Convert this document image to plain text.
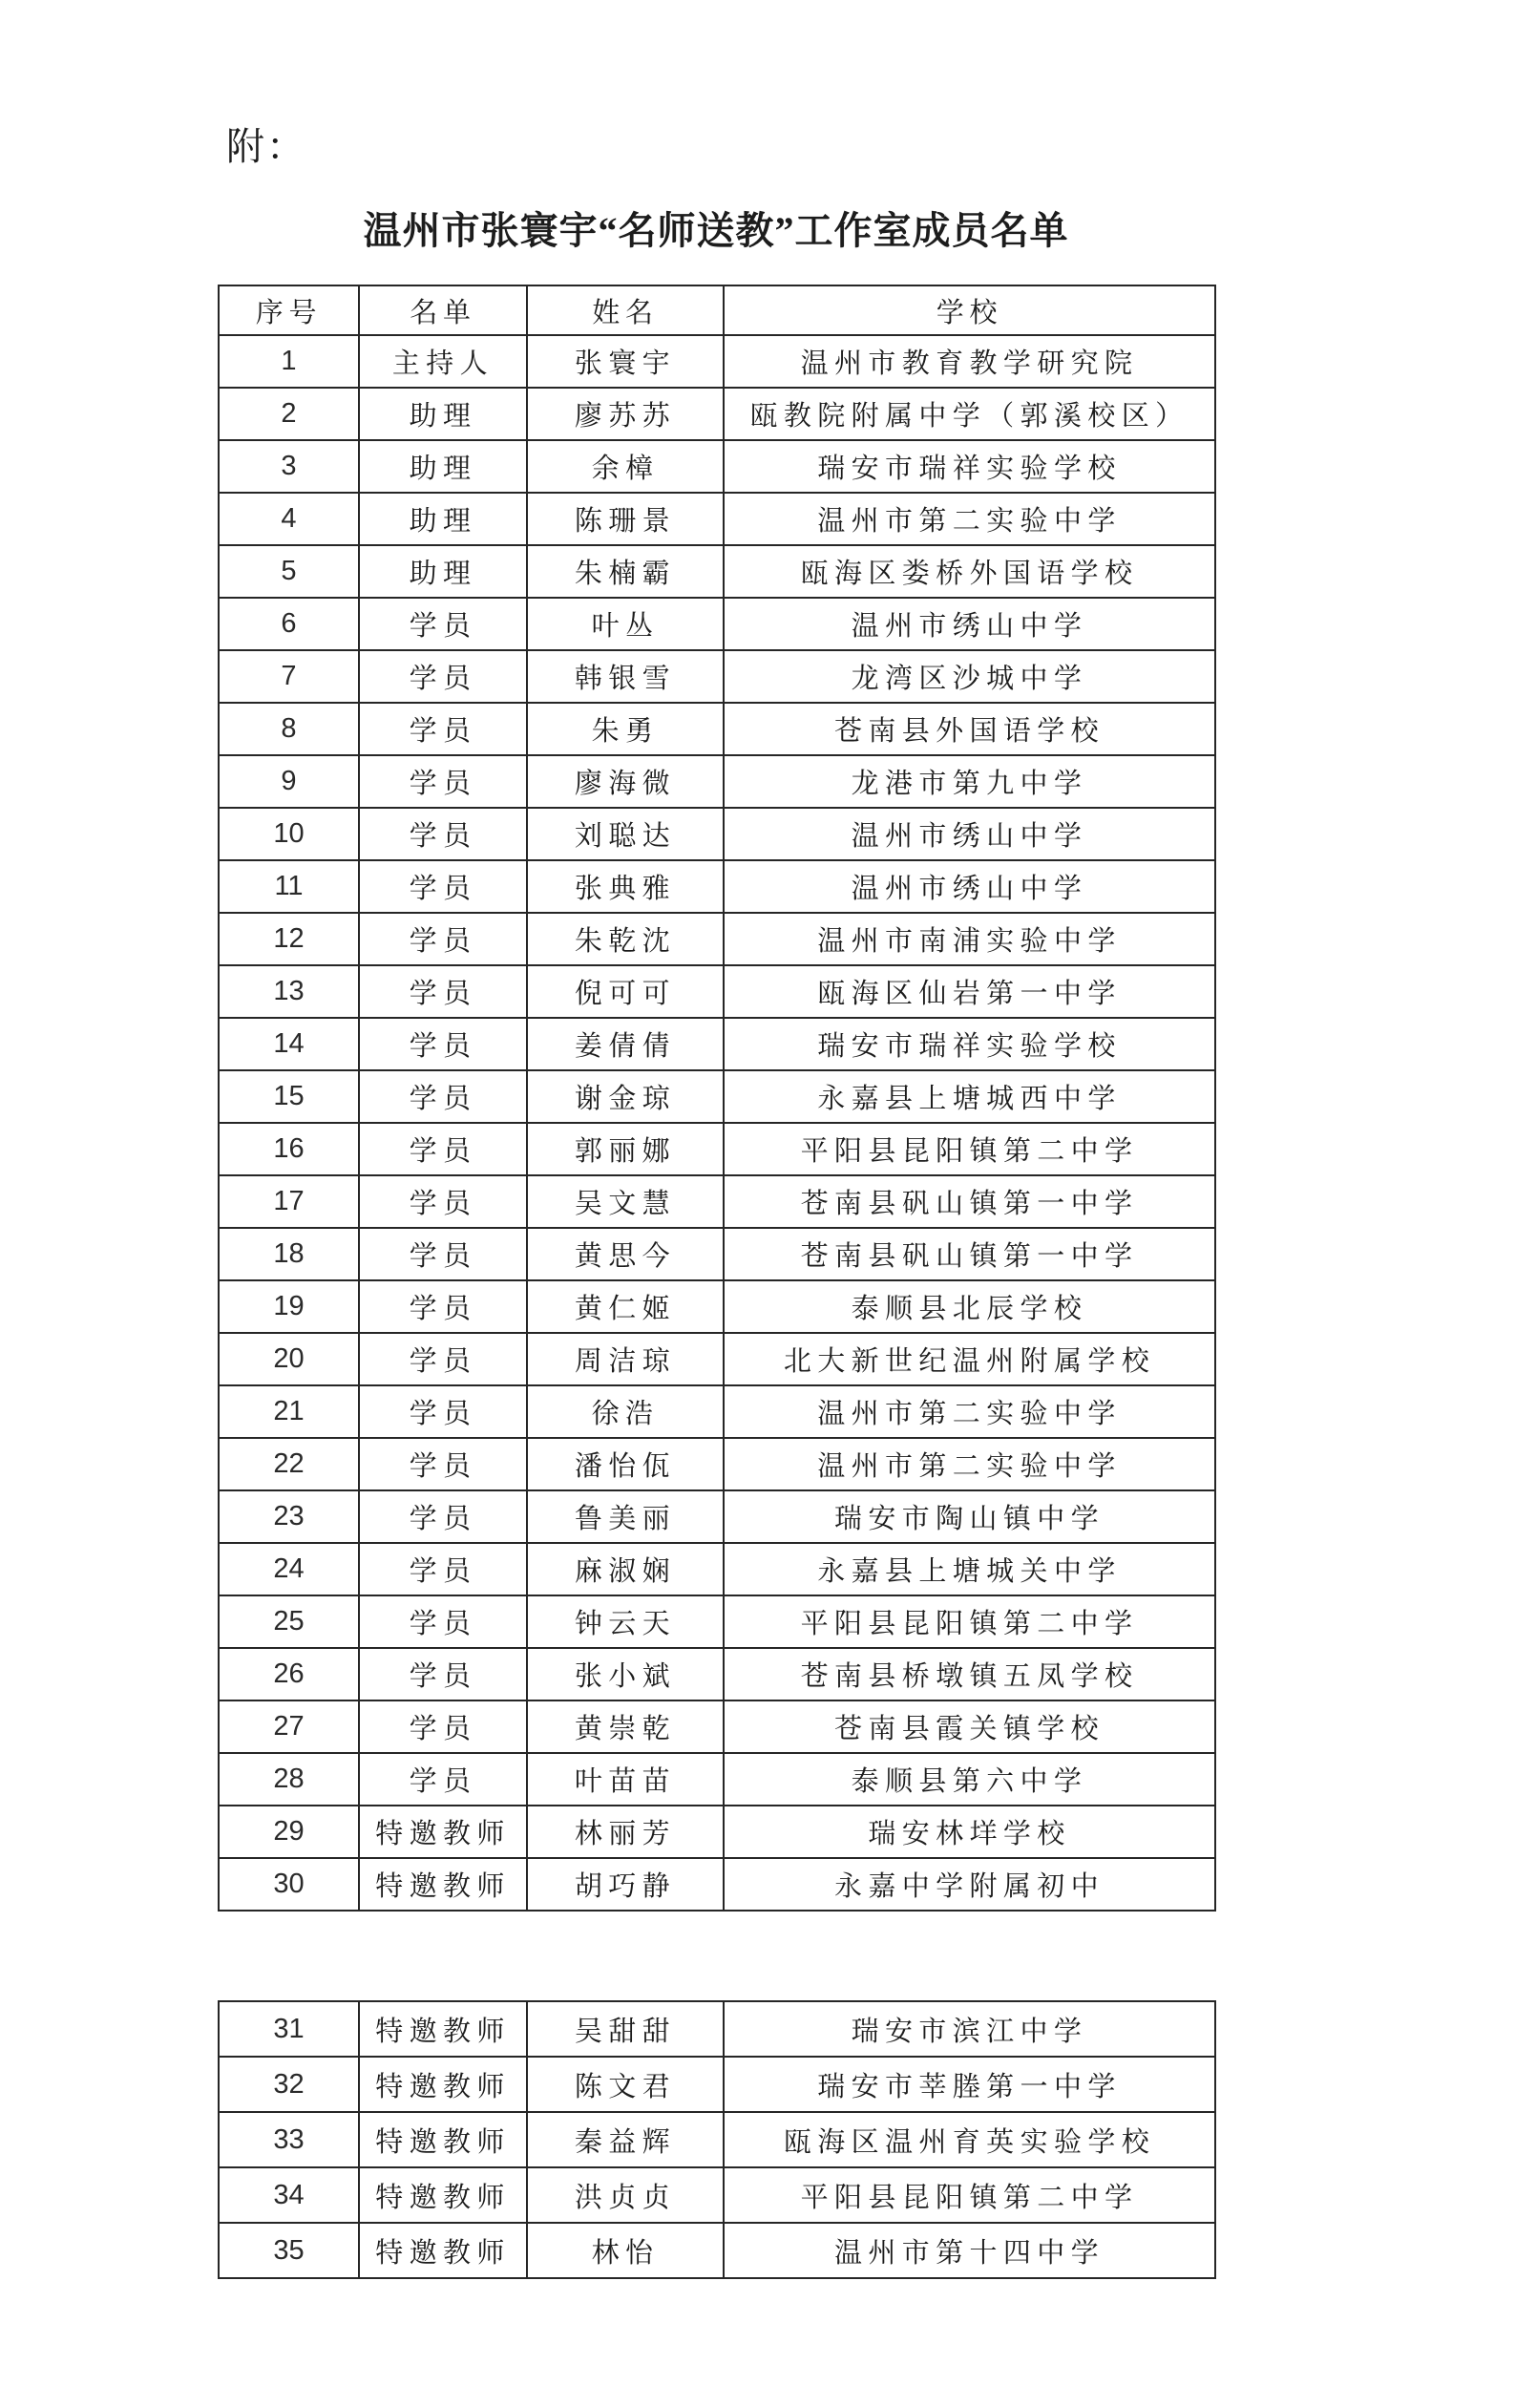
附：
温州市张寰宇“名师送教”工作室成员名单
序号	名单	姓名	学校
1	主持人	张寰宇	温州市教育教学研究院
2	助理	廖苏苏	瓯教院附属中学（郭溪校区）
3	助理	余樟	瑞安市瑞祥实验学校
4	助理	陈珊景	温州市第二实验中学
5	助理	朱楠霸	瓯海区娄桥外国语学校
6	学员	叶丛	温州市绣山中学
7	学员	韩银雪	龙湾区沙城中学
8	学员	朱勇	苍南县外国语学校
9	学员	廖海微	龙港市第九中学
10	学员	刘聪达	温州市绣山中学
11	学员	张典雅	温州市绣山中学
12	学员	朱乾沈	温州市南浦实验中学
13	学员	倪可可	瓯海区仙岩第一中学
14	学员	姜倩倩	瑞安市瑞祥实验学校
15	学员	谢金琼	永嘉县上塘城西中学
16	学员	郭丽娜	平阳县昆阳镇第二中学
17	学员	吴文慧	苍南县矾山镇第一中学
18	学员	黄思今	苍南县矾山镇第一中学
19	学员	黄仁姬	泰顺县北辰学校
20	学员	周洁琼	北大新世纪温州附属学校
21	学员	徐浩	温州市第二实验中学
22	学员	潘怡佤	温州市第二实验中学
23	学员	鲁美丽	瑞安市陶山镇中学
24	学员	麻淑娴	永嘉县上塘城关中学
25	学员	钟云天	平阳县昆阳镇第二中学
26	学员	张小斌	苍南县桥墩镇五凤学校
27	学员	黄崇乾	苍南县霞关镇学校
28	学员	叶苗苗	泰顺县第六中学
29	特邀教师	林丽芳	瑞安林垟学校
30	特邀教师	胡巧静	永嘉中学附属初中
31	特邀教师	吴甜甜	瑞安市滨江中学
32	特邀教师	陈文君	瑞安市莘塍第一中学
33	特邀教师	秦益辉	瓯海区温州育英实验学校
34	特邀教师	洪贞贞	平阳县昆阳镇第二中学
35	特邀教师	林怡	温州市第十四中学
